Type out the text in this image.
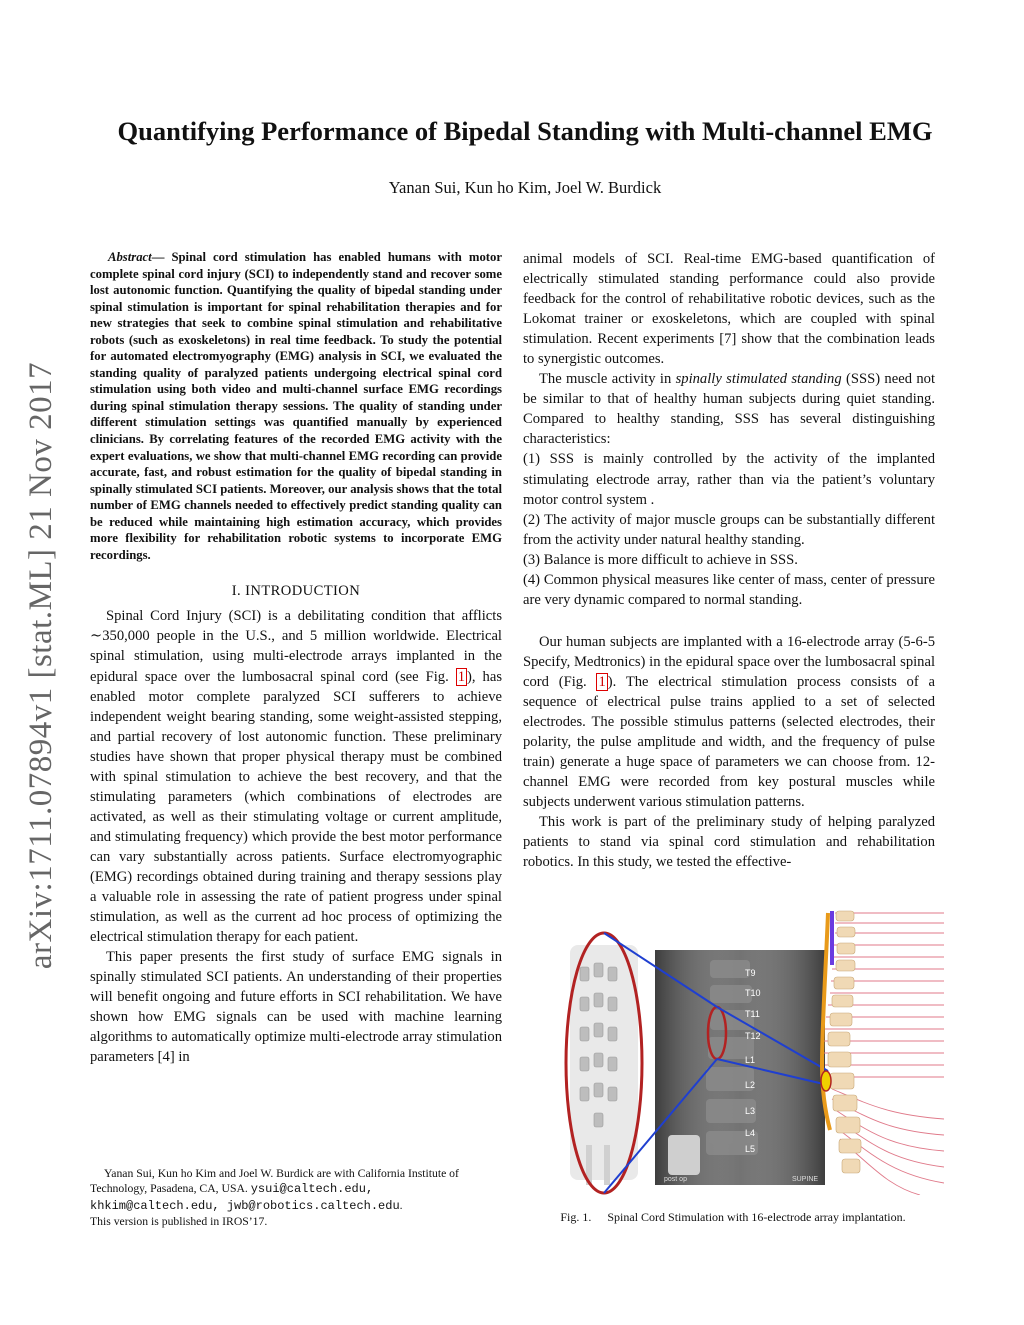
arXiv:1711.07894v1 [stat.ML] 21 Nov 2017
Quantifying Performance of Bipedal Standing with Multi-channel EMG
Yanan Sui, Kun ho Kim, Joel W. Burdick

Abstract— Spinal cord stimulation has enabled humans with motor complete spinal cord injury (SCI) to independently stand and recover some lost autonomic function. Quantifying the quality of bipedal standing under spinal stimulation is important for spinal rehabilitation therapies and for new strategies that seek to combine spinal stimulation and rehabilitative robots (such as exoskeletons) in real time feedback. To study the potential for automated electromyography (EMG) analysis in SCI, we evaluated the standing quality of paralyzed patients undergoing electrical spinal cord stimulation using both video and multi-channel surface EMG recordings during spinal stimulation therapy sessions. The quality of standing under different stimulation settings was quantified manually by experienced clinicians. By correlating features of the recorded EMG activity with the expert evaluations, we show that multi-channel EMG recording can provide accurate, fast, and robust estimation for the quality of bipedal standing in spinally stimulated SCI patients. Moreover, our analysis shows that the total number of EMG channels needed to effectively predict standing quality can be reduced while maintaining high estimation accuracy, which provides more flexibility for rehabilitation robotic systems to incorporate EMG recordings.

I. INTRODUCTION

Spinal Cord Injury (SCI) is a debilitating condition that afflicts ∼350,000 people in the U.S., and 5 million worldwide. Electrical spinal stimulation, using multi-electrode arrays implanted in the epidural space over the lumbosacral spinal cord (see Fig. 1 ), has enabled motor complete paralyzed SCI sufferers to achieve independent weight bearing standing, some weight-assisted stepping, and partial recovery of lost autonomic function. These preliminary studies have shown that proper physical therapy must be combined with spinal stimulation to achieve the best recovery, and that the stimulating parameters (which combinations of electrodes are activated, as well as their stimulating voltage or current amplitude, and stimulating frequency) which provide the best motor performance can vary substantially across patients. Surface electromyographic (EMG) recordings obtained during training and therapy sessions play a valuable role in assessing the rate of patient progress under spinal stimulation, as well as the current ad hoc process of optimizing the electrical stimulation therapy for each patient.

This paper presents the first study of surface EMG signals in spinally stimulated SCI patients. An understanding of their properties will benefit ongoing and future efforts in SCI rehabilitation. We have shown how EMG signals can be used with machine learning algorithms to automatically optimize multi-electrode array stimulation parameters [4] in

animal models of SCI. Real-time EMG-based quantification of electrically stimulated standing performance could also provide feedback for the control of rehabilitative robotic devices, such as the Lokomat trainer or exoskeletons, which are coupled with spinal stimulation. Recent experiments [7] show that the combination leads to synergistic outcomes.

The muscle activity in spinally stimulated standing (SSS) need not be similar to that of healthy human subjects during quiet standing. Compared to healthy standing, SSS has several distinguishing characteristics:

(1) SSS is mainly controlled by the activity of the implanted stimulating electrode array, rather than via the patient’s voluntary motor control system .

(2) The activity of major muscle groups can be substantially different from the activity under natural healthy standing.

(3) Balance is more difficult to achieve in SSS.

(4) Common physical measures like center of mass, center of pressure are very dynamic compared to normal standing.

Our human subjects are implanted with a 16-electrode array (5-6-5 Specify, Medtronics) in the epidural space over the lumbosacral spinal cord (Fig. 1 ). The electrical stimulation process consists of a sequence of electrical pulse trains applied to a set of selected electrodes. The possible stimulus patterns (selected electrodes, their polarity, the pulse amplitude and width, and the frequency of pulse train) generate a huge space of parameters we can choose from. 12-channel EMG were recorded from key postural muscles while subjects underwent various stimulation patterns.

This work is part of the preliminary study of helping paralyzed patients to stand via spinal cord stimulation and rehabilitation robotics. In this study, we tested the effective-

Yanan Sui, Kun ho Kim and Joel W. Burdick are with California Institute of Technology, Pasadena, CA, USA. ysui@caltech.edu, khkim@caltech.edu, jwb@robotics.caltech.edu.
This version is published in IROS’17.
post op	SUPINE
T9
T10
T11
T12
L1
L2
L3
L4
L5
Fig. 1. Spinal Cord Stimulation with 16-electrode array implantation.
